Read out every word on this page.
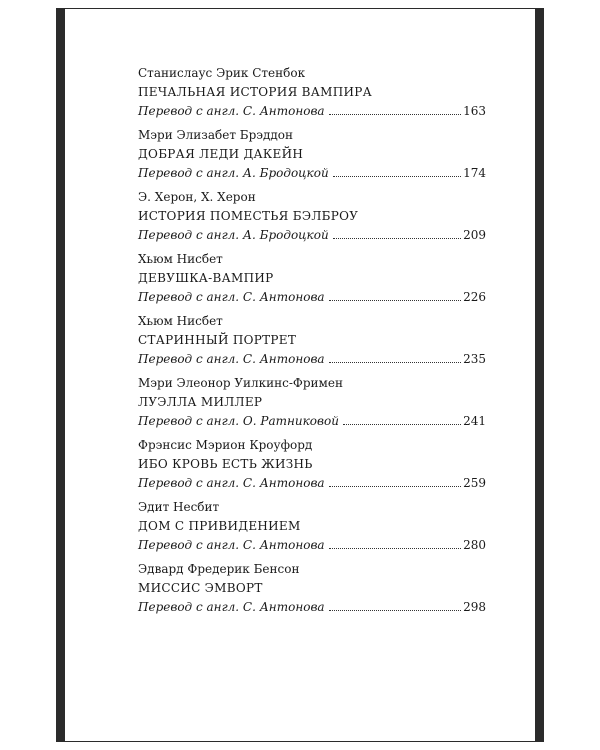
Станислаус Эрик Стенбок
ПЕЧАЛЬНАЯ ИСТОРИЯ ВАМПИРА
Перевод с англ. С. Антонова	163
Мэри Элизабет Брэддон
ДОБРАЯ ЛЕДИ ДАКЕЙН
Перевод с англ. А. Бродоцкой	174
Э. Херон, Х. Херон
ИСТОРИЯ ПОМЕСТЬЯ БЭЛБРОУ
Перевод с англ. А. Бродоцкой	209
Хьюм Нисбет
ДЕВУШКА-ВАМПИР
Перевод с англ. С. Антонова	226
Хьюм Нисбет
СТАРИННЫЙ ПОРТРЕТ
Перевод с англ. С. Антонова	235
Мэри Элеонор Уилкинс-Фримен
ЛУЭЛЛА МИЛЛЕР
Перевод с англ. О. Ратниковой	241
Фрэнсис Мэрион Кроуфорд
ИБО КРОВЬ ЕСТЬ ЖИЗНЬ
Перевод с англ. С. Антонова	259
Эдит Несбит
ДОМ С ПРИВИДЕНИЕМ
Перевод с англ. С. Антонова	280
Эдвард Фредерик Бенсон
МИССИС ЭМВОРТ
Перевод с англ. С. Антонова	298
